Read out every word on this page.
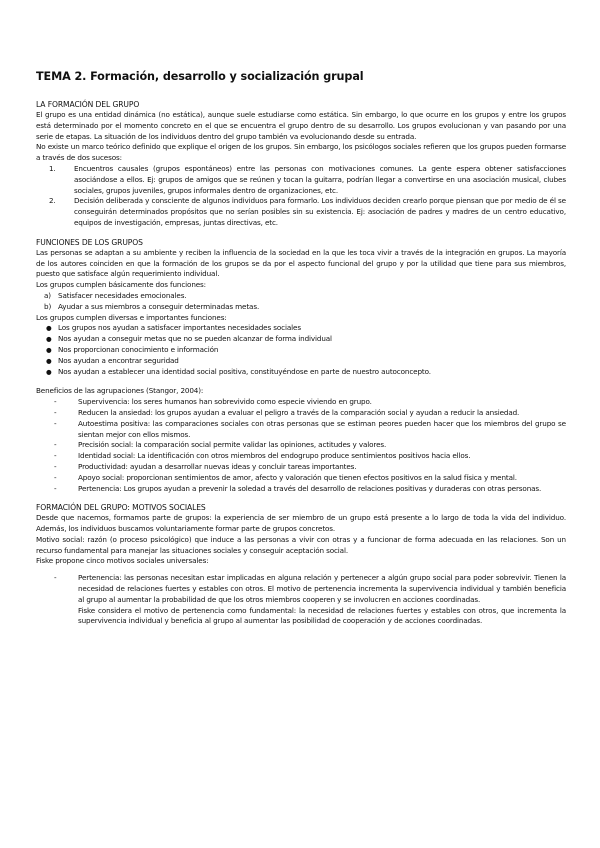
TEMA 2. Formación, desarrollo y socialización grupal
LA FORMACIÓN DEL GRUPO

El grupo es una entidad dinámica (no estática), aunque suele estudiarse como estática. Sin embargo, lo que ocurre en los grupos y entre los grupos está determinado por el momento concreto en el que se encuentra el grupo dentro de su desarrollo. Los grupos evolucionan y van pasando por una serie de etapas. La situación de los individuos dentro del grupo también va evolucionando desde su entrada.

No existe un marco teórico definido que explique el origen de los grupos. Sin embargo, los psicólogos sociales refieren que los grupos pueden formarse a través de dos sucesos:

1.	Encuentros causales (grupos espontáneos) entre las personas con motivaciones comunes. La gente espera obtener satisfacciones asociándose a ellos. Ej: grupos de amigos que se reúnen y tocan la guitarra, podrían llegar a convertirse en una asociación musical, clubes sociales, grupos juveniles, grupos informales dentro de organizaciones, etc.
2.	Decisión deliberada y consciente de algunos individuos para formarlo. Los individuos deciden crearlo porque piensan que por medio de él se conseguirán determinados propósitos que no serían posibles sin su existencia. Ej: asociación de padres y madres de un centro educativo, equipos de investigación, empresas, juntas directivas, etc.
FUNCIONES DE LOS GRUPOS

Las personas se adaptan a su ambiente y reciben la influencia de la sociedad en la que les toca vivir a través de la integración en grupos. La mayoría de los autores coinciden en que la formación de los grupos se da por el aspecto funcional del grupo y por la utilidad que tiene para sus miembros, puesto que satisface algún requerimiento individual.

Los grupos cumplen básicamente dos funciones:

a) Satisfacer necesidades emocionales.
b) Ayudar a sus miembros a conseguir determinadas metas.

Los grupos cumplen diversas e importantes funciones:

● Los grupos nos ayudan a satisfacer importantes necesidades sociales
● Nos ayudan a conseguir metas que no se pueden alcanzar de forma individual
● Nos proporcionan conocimiento e información
● Nos ayudan a encontrar seguridad
● Nos ayudan a establecer una identidad social positiva, constituyéndose en parte de nuestro autoconcepto.

Beneficios de las agrupaciones (Stangor, 2004):

-	Supervivencia: los seres humanos han sobrevivido como especie viviendo en grupo.
-	Reducen la ansiedad: los grupos ayudan a evaluar el peligro a través de la comparación social y ayudan a reducir la ansiedad.
-	Autoestima positiva: las comparaciones sociales con otras personas que se estiman peores pueden hacer que los miembros del grupo se sientan mejor con ellos mismos.
-	Precisión social: la comparación social permite validar las opiniones, actitudes y valores.
-	Identidad social: La identificación con otros miembros del endogrupo produce sentimientos positivos hacia ellos.
-	Productividad: ayudan a desarrollar nuevas ideas y concluir tareas importantes.
-	Apoyo social: proporcionan sentimientos de amor, afecto y valoración que tienen efectos positivos en la salud física y mental.
-	Pertenencia: Los grupos ayudan a prevenir la soledad a través del desarrollo de relaciones positivas y duraderas con otras personas.
FORMACIÓN DEL GRUPO: MOTIVOS SOCIALES

Desde que nacemos, formamos parte de grupos: la experiencia de ser miembro de un grupo está presente a lo largo de toda la vida del individuo. Además, los individuos buscamos voluntariamente formar parte de grupos concretos.

Motivo social: razón (o proceso psicológico) que induce a las personas a vivir con otras y a funcionar de forma adecuada en las relaciones. Son un recurso fundamental para manejar las situaciones sociales y conseguir aceptación social.

Fiske propone cinco motivos sociales universales:

-	Pertenencia: las personas necesitan estar implicadas en alguna relación y pertenecer a algún grupo social para poder sobrevivir. Tienen la necesidad de relaciones fuertes y estables con otros. El motivo de pertenencia incrementa la supervivencia individual y también beneficia al grupo al aumentar la probabilidad de que los otros miembros cooperen y se involucren en acciones coordinadas.

Fiske considera el motivo de pertenencia como fundamental: la necesidad de relaciones fuertes y estables con otros, que incrementa la supervivencia individual y beneficia al grupo al aumentar las posibilidad de cooperación y de acciones coordinadas.
